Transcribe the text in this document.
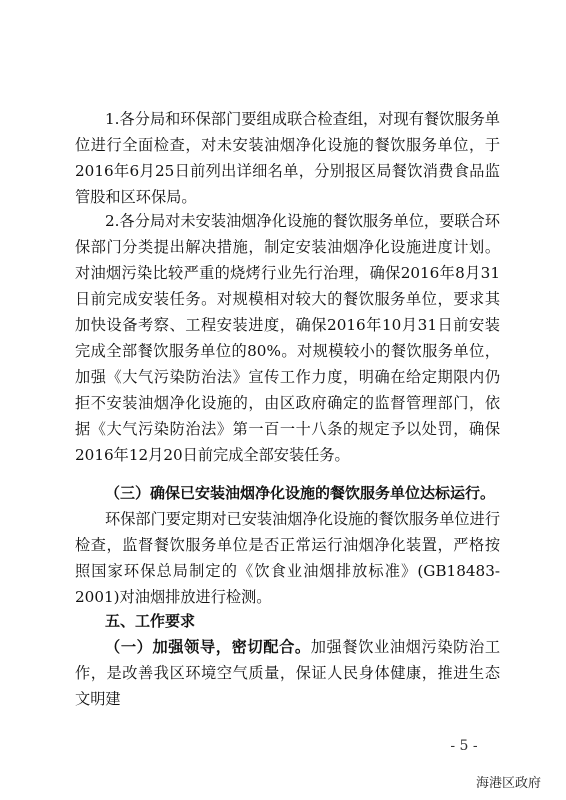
1.各分局和环保部门要组成联合检查组，对现有餐饮服务单位进行全面检查，对未安装油烟净化设施的餐饮服务单位，于2016年6月25日前列出详细名单，分别报区局餐饮消费食品监管股和区环保局。

2.各分局对未安装油烟净化设施的餐饮服务单位，要联合环保部门分类提出解决措施，制定安装油烟净化设施进度计划。对油烟污染比较严重的烧烤行业先行治理，确保2016年8月31日前完成安装任务。对规模相对较大的餐饮服务单位，要求其加快设备考察、工程安装进度，确保2016年10月31日前安装完成全部餐饮服务单位的80%。对规模较小的餐饮服务单位，加强《大气污染防治法》宣传工作力度，明确在给定期限内仍拒不安装油烟净化设施的，由区政府确定的监督管理部门，依据《大气污染防治法》第一百一十八条的规定予以处罚，确保2016年12月20日前完成全部安装任务。

（三）确保已安装油烟净化设施的餐饮服务单位达标运行。

环保部门要定期对已安装油烟净化设施的餐饮服务单位进行检查，监督餐饮服务单位是否正常运行油烟净化装置，严格按照国家环保总局制定的《饮食业油烟排放标准》(GB18483-2001)对油烟排放进行检测。

五、工作要求

（一）加强领导，密切配合。加强餐饮业油烟污染防治工作，是改善我区环境空气质量，保证人民身体健康，推进生态文明建

- 5 -

海港区政府
